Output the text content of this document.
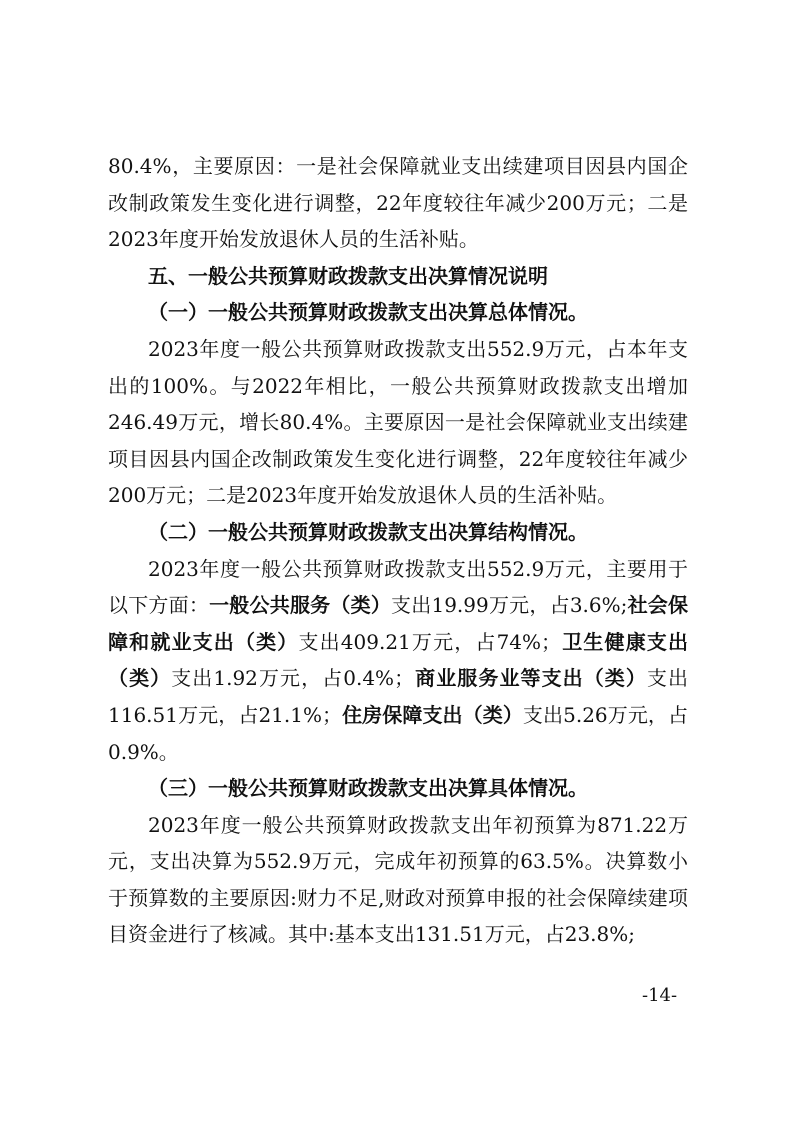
80.4%，主要原因：一是社会保障就业支出续建项目因县内国企改制政策发生变化进行调整，22年度较往年减少200万元；二是2023年度开始发放退休人员的生活补贴。

五、一般公共预算财政拨款支出决算情况说明

（一）一般公共预算财政拨款支出决算总体情况。

2023年度一般公共预算财政拨款支出552.9万元，占本年支出的100%。与2022年相比，一般公共预算财政拨款支出增加246.49万元，增长80.4%。主要原因一是社会保障就业支出续建项目因县内国企改制政策发生变化进行调整，22年度较往年减少200万元；二是2023年度开始发放退休人员的生活补贴。

（二）一般公共预算财政拨款支出决算结构情况。

2023年度一般公共预算财政拨款支出552.9万元，主要用于以下方面：一般公共服务（类）支出19.99万元，占3.6%;社会保障和就业支出（类）支出409.21万元，占74%；卫生健康支出（类）支出1.92万元，占0.4%；商业服务业等支出（类）支出116.51万元，占21.1%；住房保障支出（类）支出5.26万元，占0.9%。

（三）一般公共预算财政拨款支出决算具体情况。

2023年度一般公共预算财政拨款支出年初预算为871.22万元，支出决算为552.9万元，完成年初预算的63.5%。决算数小于预算数的主要原因:财力不足,财政对预算申报的社会保障续建项目资金进行了核减。其中:基本支出131.51万元，占23.8%;

-14-
